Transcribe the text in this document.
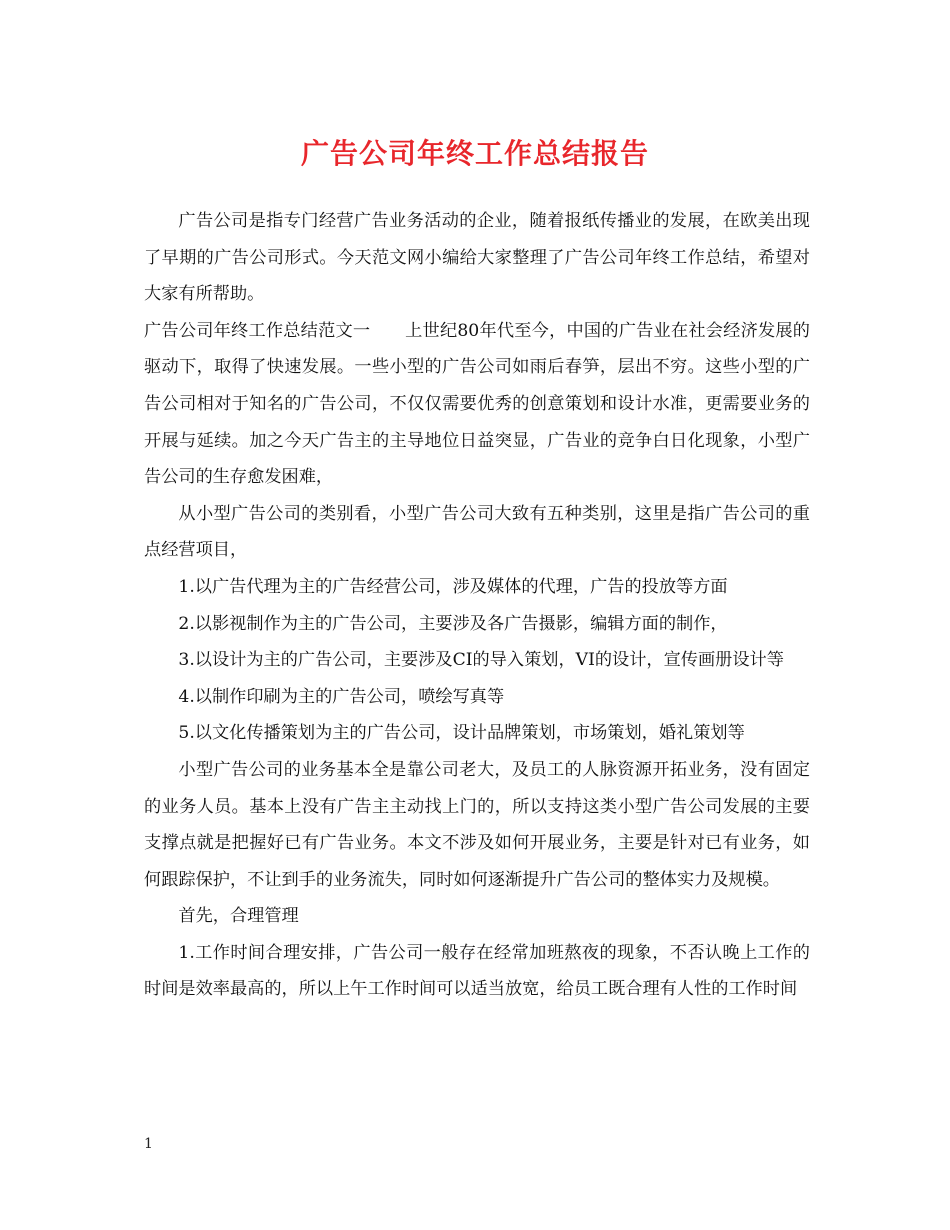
广告公司年终工作总结报告

广告公司是指专门经营广告业务活动的企业，随着报纸传播业的发展，在欧美出现了早期的广告公司形式。今天范文网小编给大家整理了广告公司年终工作总结，希望对大家有所帮助。

广告公司年终工作总结范文一　　上世纪80年代至今，中国的广告业在社会经济发展的驱动下，取得了快速发展。一些小型的广告公司如雨后春笋，层出不穷。这些小型的广告公司相对于知名的广告公司，不仅仅需要优秀的创意策划和设计水准，更需要业务的开展与延续。加之今天广告主的主导地位日益突显，广告业的竞争白日化现象，小型广告公司的生存愈发困难，

从小型广告公司的类别看，小型广告公司大致有五种类别，这里是指广告公司的重点经营项目，

1.以广告代理为主的广告经营公司，涉及媒体的代理，广告的投放等方面

2.以影视制作为主的广告公司，主要涉及各广告摄影，编辑方面的制作，

3.以设计为主的广告公司，主要涉及CI的导入策划，VI的设计，宣传画册设计等

4.以制作印刷为主的广告公司，喷绘写真等

5.以文化传播策划为主的广告公司，设计品牌策划，市场策划，婚礼策划等

小型广告公司的业务基本全是靠公司老大，及员工的人脉资源开拓业务，没有固定的业务人员。基本上没有广告主主动找上门的，所以支持这类小型广告公司发展的主要支撑点就是把握好已有广告业务。本文不涉及如何开展业务，主要是针对已有业务，如何跟踪保护，不让到手的业务流失，同时如何逐渐提升广告公司的整体实力及规模。

首先，合理管理

1.工作时间合理安排，广告公司一般存在经常加班熬夜的现象，不否认晚上工作的时间是效率最高的，所以上午工作时间可以适当放宽，给员工既合理有人性的工作时间

1
